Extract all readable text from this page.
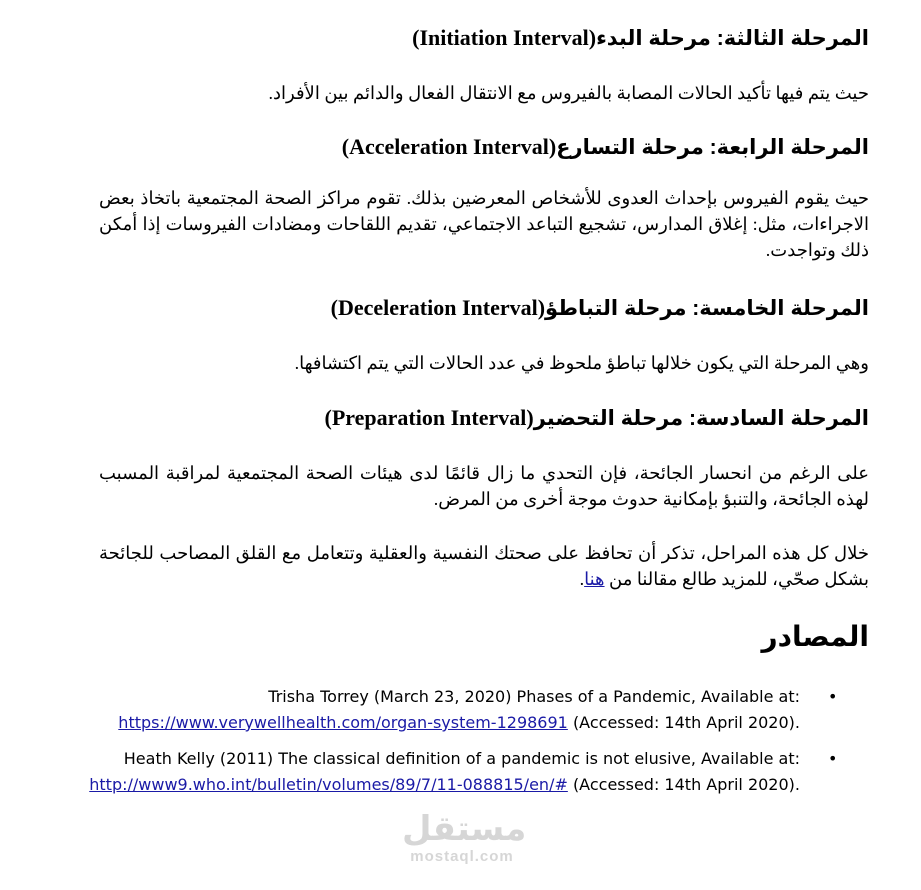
المرحلة الثالثة: مرحلة البدء(Initiation Interval)
حيث يتم فيها تأكيد الحالات المصابة بالفيروس مع الانتقال الفعال والدائم بين الأفراد.
المرحلة الرابعة: مرحلة التسارع(Acceleration Interval)
حيث يقوم الفيروس بإحداث العدوى للأشخاص المعرضين بذلك. تقوم مراكز الصحة المجتمعية باتخاذ بعض الاجراءات، مثل: إغلاق المدارس، تشجيع التباعد الاجتماعي، تقديم اللقاحات ومضادات الفيروسات إذا أمكن ذلك وتواجدت.
المرحلة الخامسة: مرحلة التباطؤ(Deceleration Interval)
وهي المرحلة التي يكون خلالها تباطؤ ملحوظ في عدد الحالات التي يتم اكتشافها.
المرحلة السادسة: مرحلة التحضير(Preparation Interval)
على الرغم من انحسار الجائحة، فإن التحدي ما زال قائمًا لدى هيئات الصحة المجتمعية لمراقبة المسبب لهذه الجائحة، والتنبؤ بإمكانية حدوث موجة أخرى من المرض.
خلال كل هذه المراحل، تذكر أن تحافظ على صحتك النفسية والعقلية وتتعامل مع القلق المصاحب للجائحة بشكل صحّي، للمزيد طالع مقالنا من هنا.
المصادر
•
Trisha Torrey (March 23, 2020) Phases of a Pandemic, Available at: https://www.verywellhealth.com/organ-system-1298691 (Accessed: 14th April 2020).
•
Heath Kelly (2011) The classical definition of a pandemic is not elusive, Available at: http://www9.who.int/bulletin/volumes/89/7/11-088815/en/# (Accessed: 14th April 2020).
مستقل
mostaql.com
